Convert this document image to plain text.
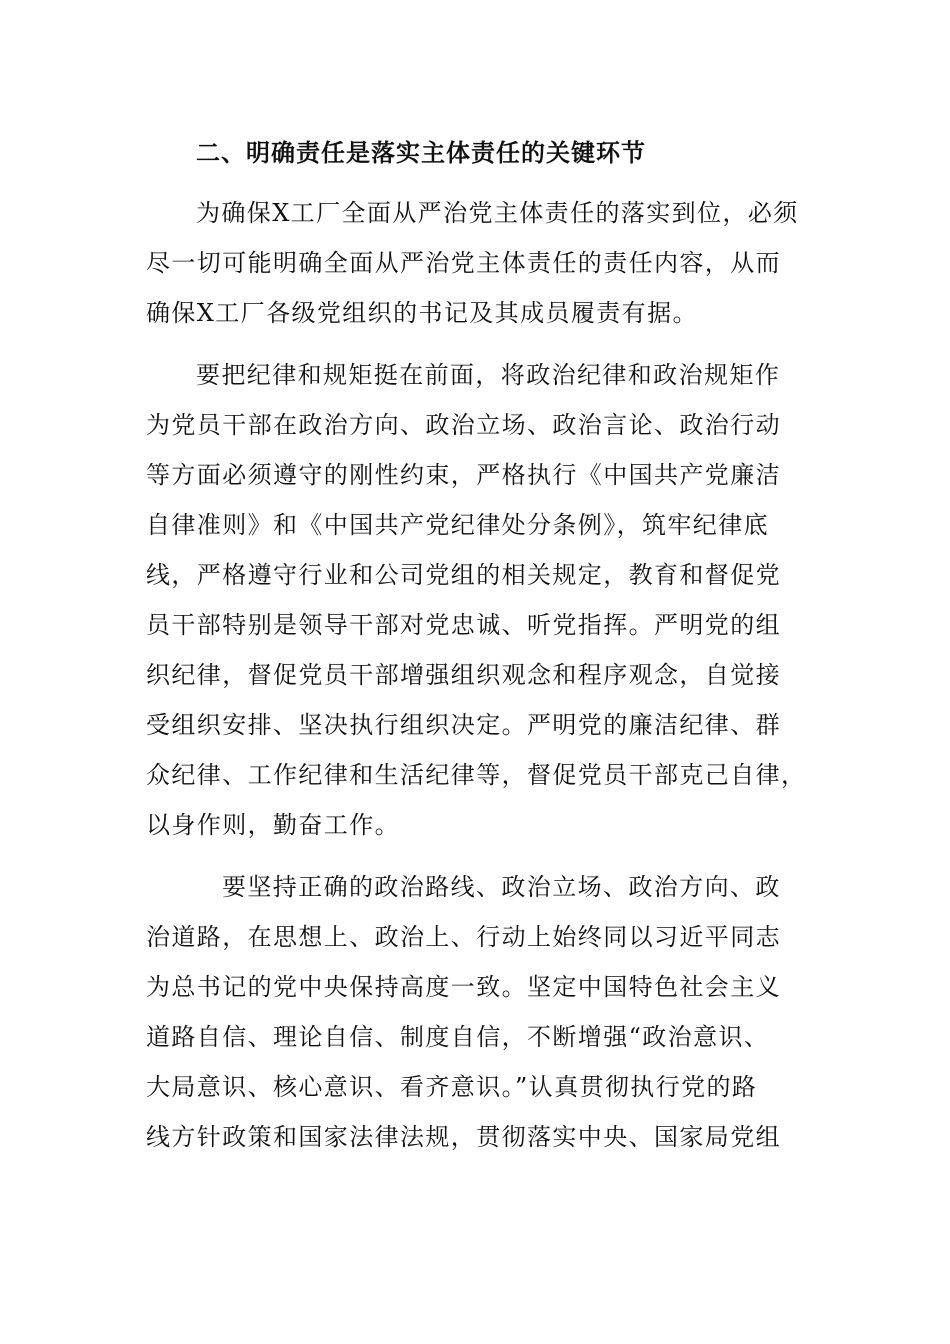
二、明确责任是落实主体责任的关键环节

为确保X工厂全面从严治党主体责任的落实到位，必须

尽一切可能明确全面从严治党主体责任的责任内容，从而

确保X工厂各级党组织的书记及其成员履责有据。

要把纪律和规矩挺在前面，将政治纪律和政治规矩作

为党员干部在政治方向、政治立场、政治言论、政治行动

等方面必须遵守的刚性约束，严格执行《中国共产党廉洁

自律准则》和《中国共产党纪律处分条例》，筑牢纪律底

线，严格遵守行业和公司党组的相关规定，教育和督促党

员干部特别是领导干部对党忠诚、听党指挥。严明党的组

织纪律，督促党员干部增强组织观念和程序观念，自觉接

受组织安排、坚决执行组织决定。严明党的廉洁纪律、群

众纪律、工作纪律和生活纪律等，督促党员干部克己自律，

以身作则，勤奋工作。

要坚持正确的政治路线、政治立场、政治方向、政

治道路，在思想上、政治上、行动上始终同以习近平同志

为总书记的党中央保持高度一致。坚定中国特色社会主义

道路自信、理论自信、制度自信，不断增强“政治意识、

大局意识、核心意识、看齐意识。”认真贯彻执行党的路

线方针政策和国家法律法规，贯彻落实中央、国家局党组
